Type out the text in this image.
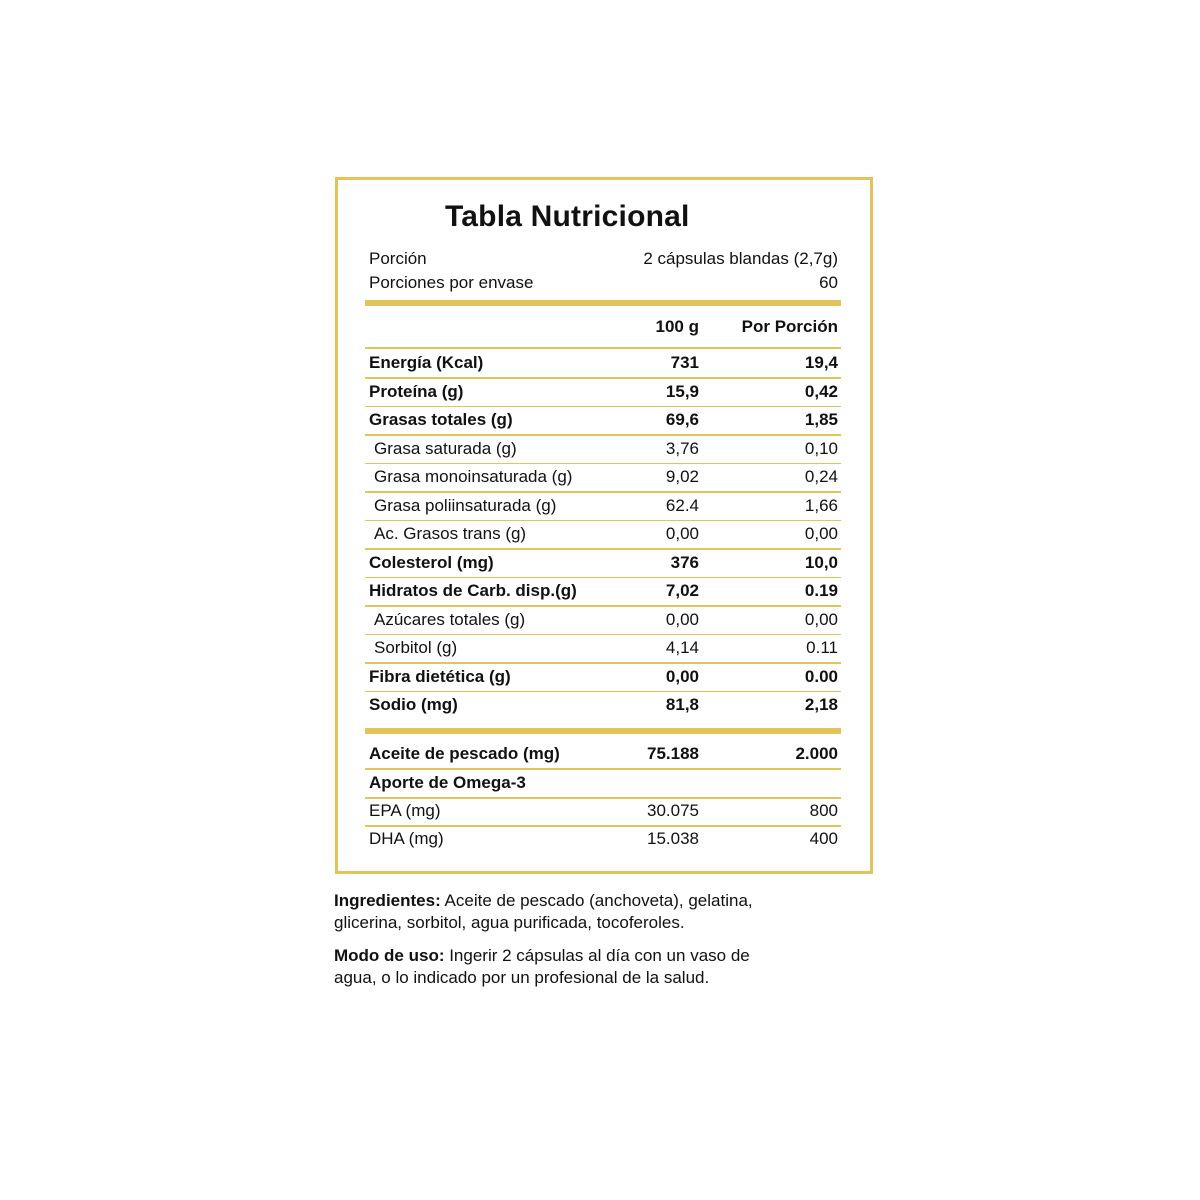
Tabla Nutricional
Porción	2 cápsulas blandas (2,7g)
Porciones por envase	60
100 g	Por Porción
Energía (Kcal)	731	19,4
Proteína (g)	15,9	0,42
Grasas totales (g)	69,6	1,85
Grasa saturada (g)	3,76	0,10
Grasa monoinsaturada (g)	9,02	0,24
Grasa poliinsaturada (g)	62.4	1,66
Ac. Grasos trans (g)	0,00	0,00
Colesterol (mg)	376	10,0
Hidratos de Carb. disp.(g)	7,02	0.19
Azúcares totales (g)	0,00	0,00
Sorbitol (g)	4,14	0.11
Fibra dietética (g)	0,00	0.00
Sodio (mg)	81,8	2,18
Aceite de pescado (mg)	75.188	2.000
Aporte de Omega-3
EPA (mg)	30.075	800
DHA (mg)	15.038	400
Ingredientes: Aceite de pescado (anchoveta), gelatina,
glicerina, sorbitol, agua purificada, tocoferoles.
Modo de uso: Ingerir 2 cápsulas al día con un vaso de
agua, o lo indicado por un profesional de la salud.
